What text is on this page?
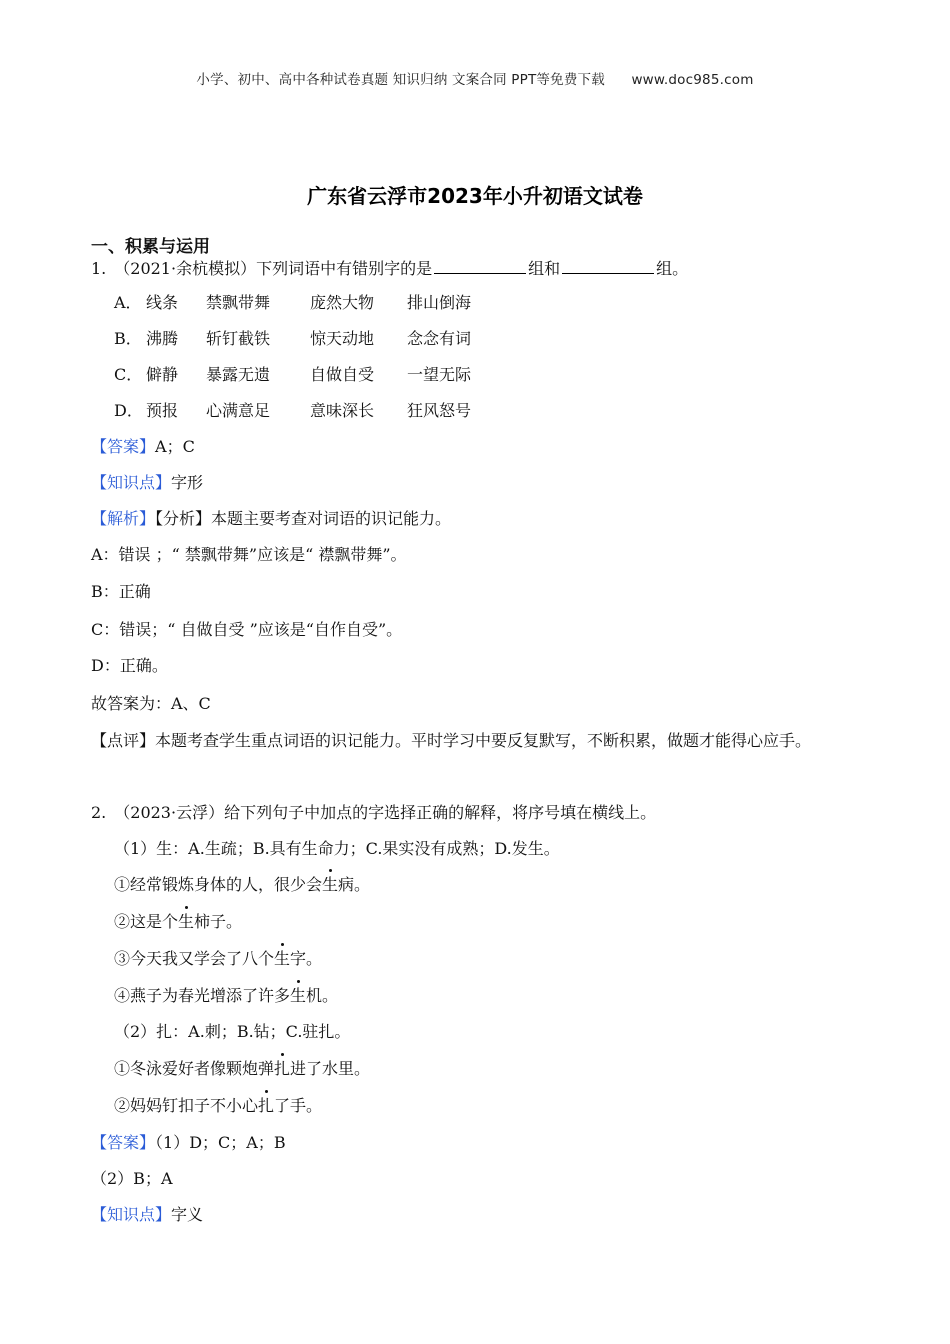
小学、初中、高中各种试卷真题 知识归纳 文案合同 PPT等免费下载 www.doc985.com
广东省云浮市2023年小升初语文试卷
一、积累与运用
1.　（2021·余杭模拟）下列词语中有错别字的是	组和	组。
A． 线条 禁飘带舞 庞然大物 排山倒海
B． 沸腾 斩钉截铁 惊天动地 念念有词
C． 僻静 暴露无遗 自做自受 一望无际
D． 预报 心满意足 意味深长 狂风怒号
【答案】A；C
【知识点】字形
【解析】【分析】本题主要考查对词语的识记能力。
A：错误 ；“ 禁飘带舞”应该是“ 襟飘带舞”。
B：正确
C：错误；“ 自做自受 ”应该是“自作自受”。
D：正确。
故答案为：A、C
【点评】本题考查学生重点词语的识记能力。平时学习中要反复默写，不断积累，做题才能得心应手。
2.　（2023·云浮）给下列句子中加点的字选择正确的解释，将序号填在横线上。
（1）生：A.生疏；B.具有生命力；C.果实没有成熟；D.发生。
①经常锻炼身体的人，很少会生病。
②这是个生柿子。
③今天我又学会了八个生字。
④燕子为春光增添了许多生机。
（2）扎：A.刺；B.钻；C.驻扎。
①冬泳爱好者像颗炮弹扎进了水里。
②妈妈钉扣子不小心扎了手。
【答案】（1）D；C；A；B
（2）B；A
【知识点】字义
